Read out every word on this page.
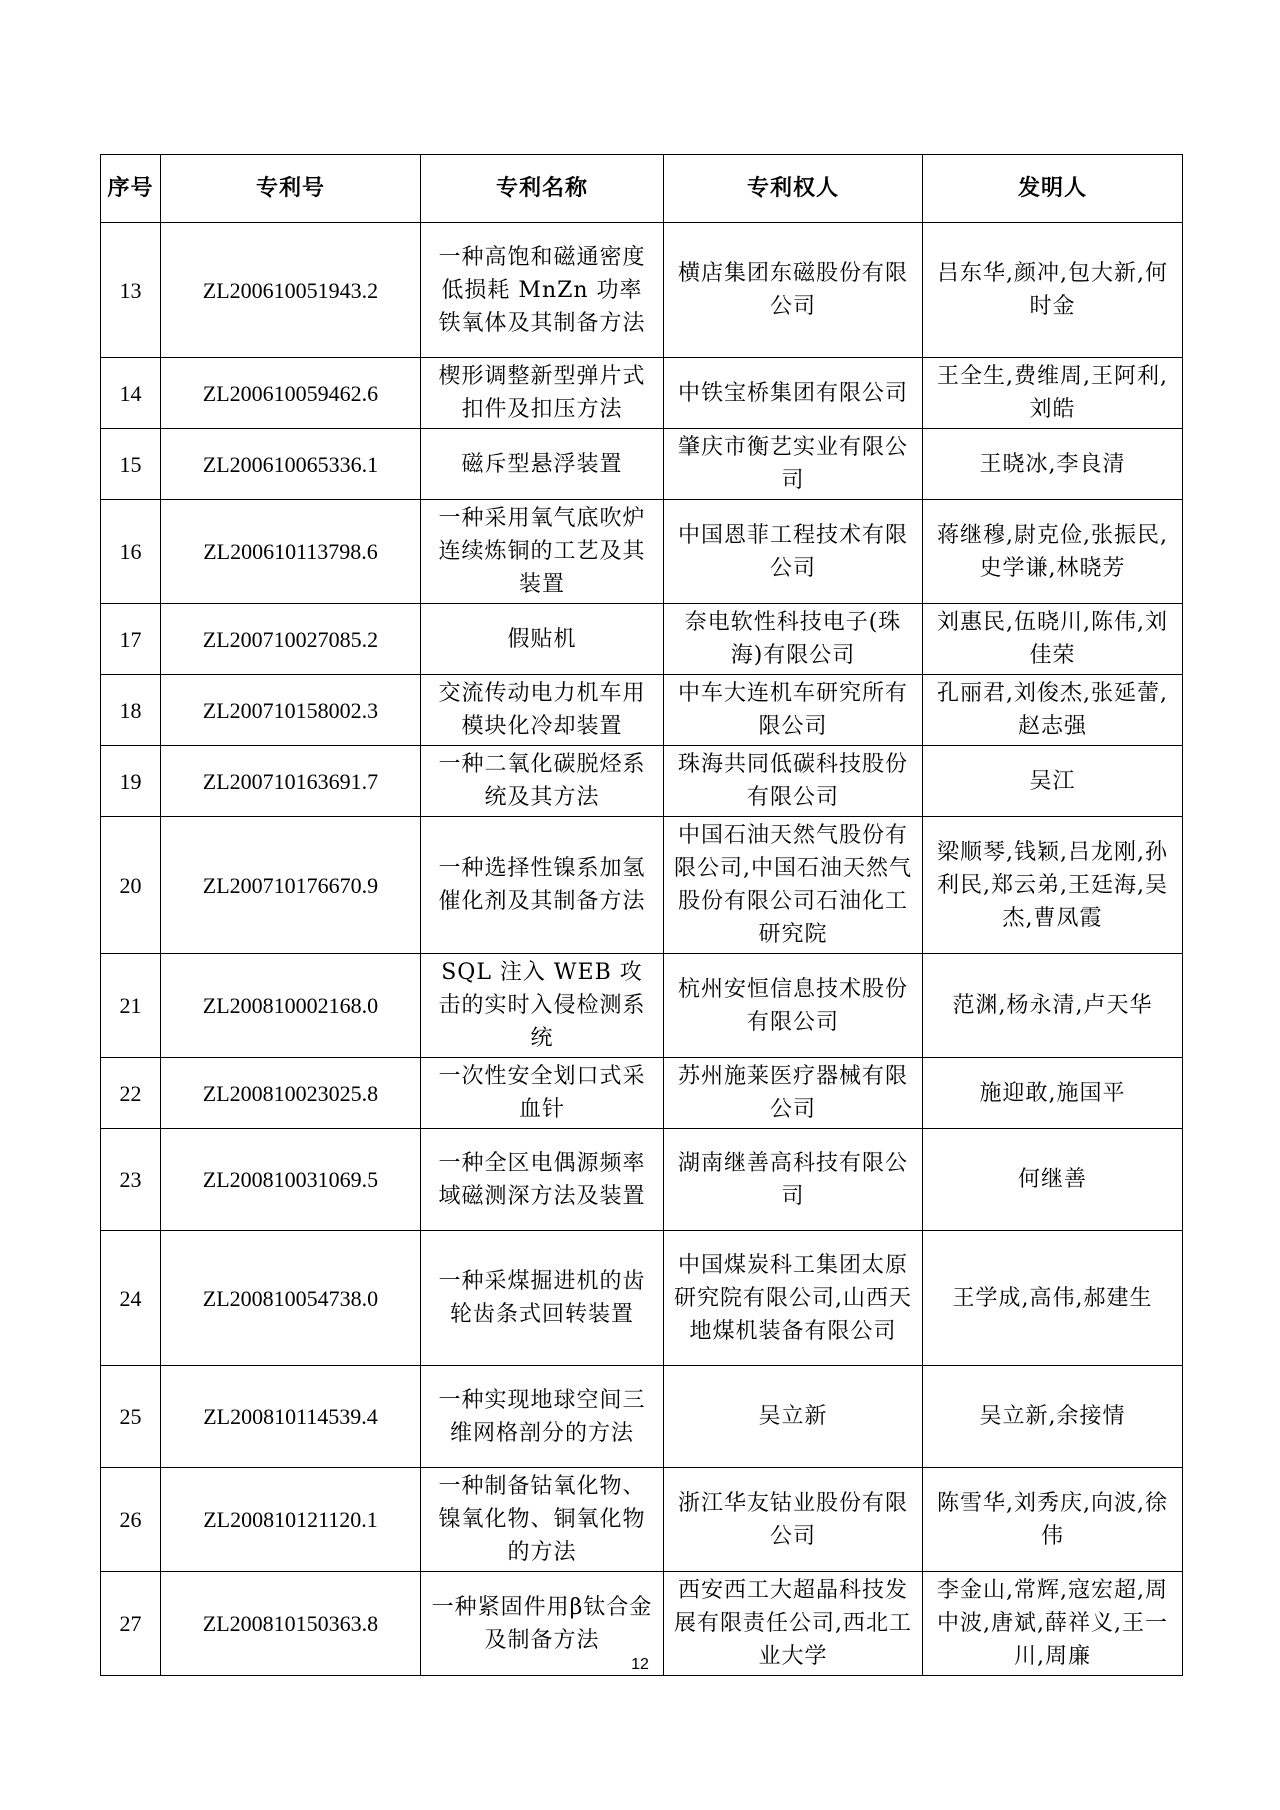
序号	专利号	专利名称	专利权人	发明人
13	ZL200610051943.2	一种高饱和磁通密度低损耗 MnZn 功率铁氧体及其制备方法	横店集团东磁股份有限公司	吕东华,颜冲,包大新,何时金
14	ZL200610059462.6	楔形调整新型弹片式扣件及扣压方法	中铁宝桥集团有限公司	王全生,费维周,王阿利,刘皓
15	ZL200610065336.1	磁斥型悬浮装置	肇庆市衡艺实业有限公司	王晓冰,李良清
16	ZL200610113798.6	一种采用氧气底吹炉连续炼铜的工艺及其装置	中国恩菲工程技术有限公司	蒋继穆,尉克俭,张振民,史学谦,林晓芳
17	ZL200710027085.2	假贴机	奈电软性科技电子(珠海)有限公司	刘惠民,伍晓川,陈伟,刘佳荣
18	ZL200710158002.3	交流传动电力机车用模块化冷却装置	中车大连机车研究所有限公司	孔丽君,刘俊杰,张延蕾,赵志强
19	ZL200710163691.7	一种二氧化碳脱烃系统及其方法	珠海共同低碳科技股份有限公司	吴江
20	ZL200710176670.9	一种选择性镍系加氢催化剂及其制备方法	中国石油天然气股份有限公司,中国石油天然气股份有限公司石油化工研究院	梁顺琴,钱颖,吕龙刚,孙利民,郑云弟,王廷海,吴杰,曹凤霞
21	ZL200810002168.0	SQL 注入 WEB 攻击的实时入侵检测系统	杭州安恒信息技术股份有限公司	范渊,杨永清,卢天华
22	ZL200810023025.8	一次性安全划口式采血针	苏州施莱医疗器械有限公司	施迎敢,施国平
23	ZL200810031069.5	一种全区电偶源频率域磁测深方法及装置	湖南继善高科技有限公司	何继善
24	ZL200810054738.0	一种采煤掘进机的齿轮齿条式回转装置	中国煤炭科工集团太原研究院有限公司,山西天地煤机装备有限公司	王学成,高伟,郝建生
25	ZL200810114539.4	一种实现地球空间三维网格剖分的方法	吴立新	吴立新,余接情
26	ZL200810121120.1	一种制备钴氧化物、镍氧化物、铜氧化物的方法	浙江华友钴业股份有限公司	陈雪华,刘秀庆,向波,徐伟
27	ZL200810150363.8	一种紧固件用β钛合金及制备方法	西安西工大超晶科技发展有限责任公司,西北工业大学	李金山,常辉,寇宏超,周中波,唐斌,薛祥义,王一川,周廉
12
